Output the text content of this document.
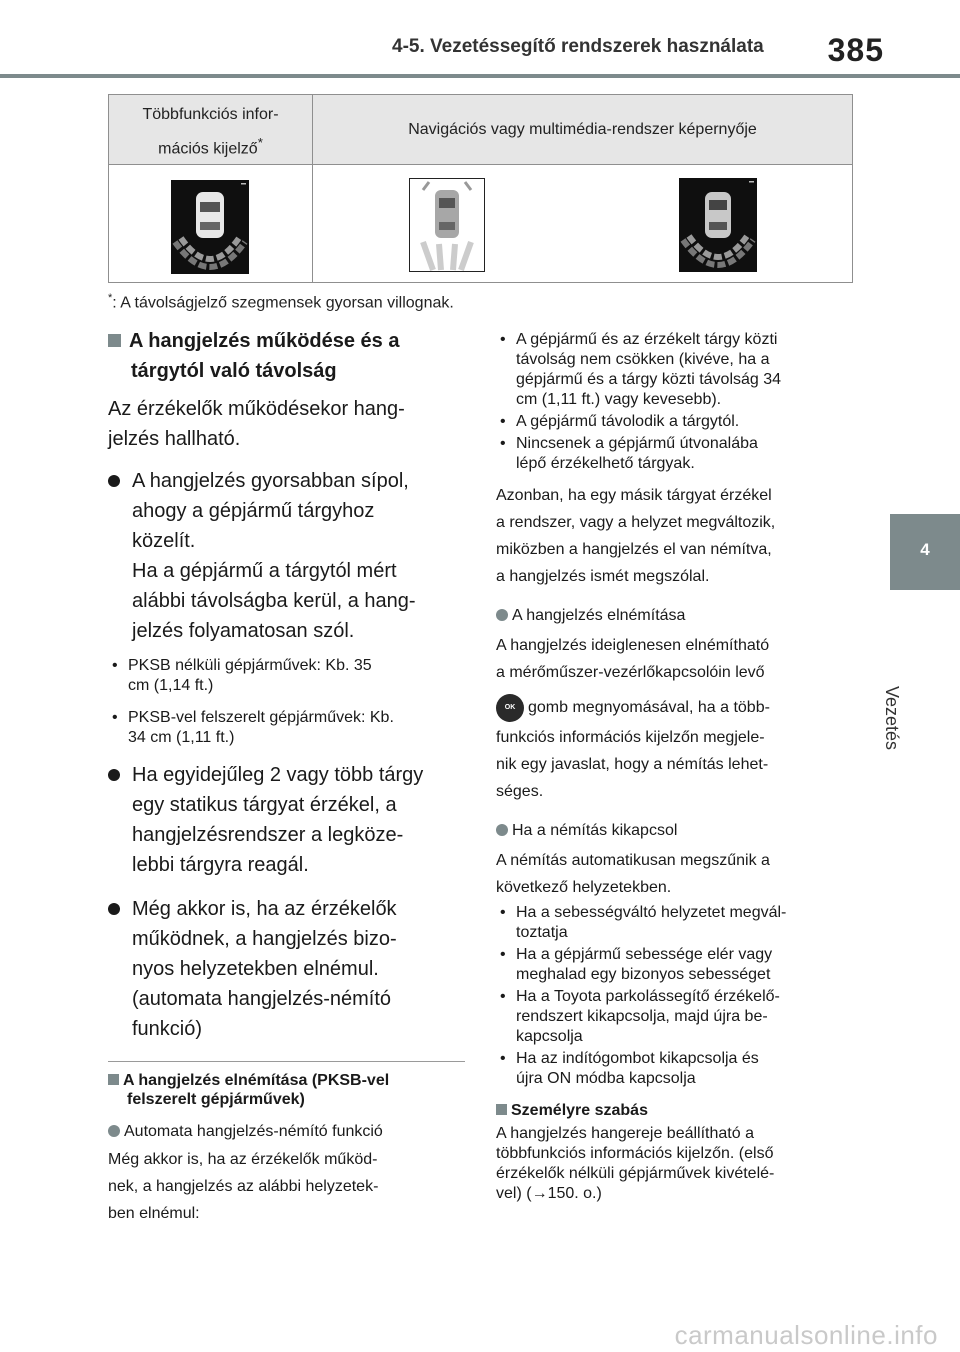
4-5. Vezetéssegítő rendszerek használata 385
4
Vezetés
Többfunkciós infor-
mációs kijelző*
Navigációs vagy multimédia-rendszer képernyője
*: A távolságjelző szegmensek gyorsan villognak.
A hangjelzés működése és a
tárgytól való távolság
Az érzékelők működésekor hang-
jelzés hallható.
A hangjelzés gyorsabban sípol,
ahogy a gépjármű tárgyhoz
közelít.
Ha a gépjármű a tárgytól mért
alábbi távolságba kerül, a hang-
jelzés folyamatosan szól.
• PKSB nélküli gépjárművek: Kb. 35
cm (1,14 ft.)
• PKSB-vel felszerelt gépjárművek: Kb.
34 cm (1,11 ft.)
Ha egyidejűleg 2 vagy több tárgy
egy statikus tárgyat érzékel, a
hangjelzésrendszer a legköze-
lebbi tárgyra reagál.
Még akkor is, ha az érzékelők
működnek, a hangjelzés bizo-
nyos helyzetekben elnémul.
(automata hangjelzés-némító
funkció)
A hangjelzés elnémítása (PKSB-vel
felszerelt gépjárművek)
Automata hangjelzés-némító funkció
Még akkor is, ha az érzékelők működ-
nek, a hangjelzés az alábbi helyzetek-
ben elnémul:
• A gépjármű és az érzékelt tárgy közti
távolság nem csökken (kivéve, ha a
gépjármű és a tárgy közti távolság 34
cm (1,11 ft.) vagy kevesebb).
• A gépjármű távolodik a tárgytól.
• Nincsenek a gépjármű útvonalába
lépő érzékelhető tárgyak.
Azonban, ha egy másik tárgyat érzékel
a rendszer, vagy a helyzet megváltozik,
miközben a hangjelzés el van némítva,
a hangjelzés ismét megszólal.
A hangjelzés elnémítása
A hangjelzés ideiglenesen elnémítható
a mérőműszer-vezérlőkapcsolóin levő
OK gomb megnyomásával, ha a több-
funkciós információs kijelzőn megjele-
nik egy javaslat, hogy a némítás lehet-
séges.
Ha a némítás kikapcsol
A némítás automatikusan megszűnik a
következő helyzetekben.
• Ha a sebességváltó helyzetet megvál-
toztatja
• Ha a gépjármű sebessége elér vagy
meghalad egy bizonyos sebességet
• Ha a Toyota parkolássegítő érzékelő-
rendszert kikapcsolja, majd újra be-
kapcsolja
• Ha az indítógombot kikapcsolja és
újra ON módba kapcsolja
Személyre szabás
A hangjelzés hangereje beállítható a
többfunkciós információs kijelzőn. (első
érzékelők nélküli gépjárművek kivételé-
vel) (→150. o.)
carmanualsonline.info
